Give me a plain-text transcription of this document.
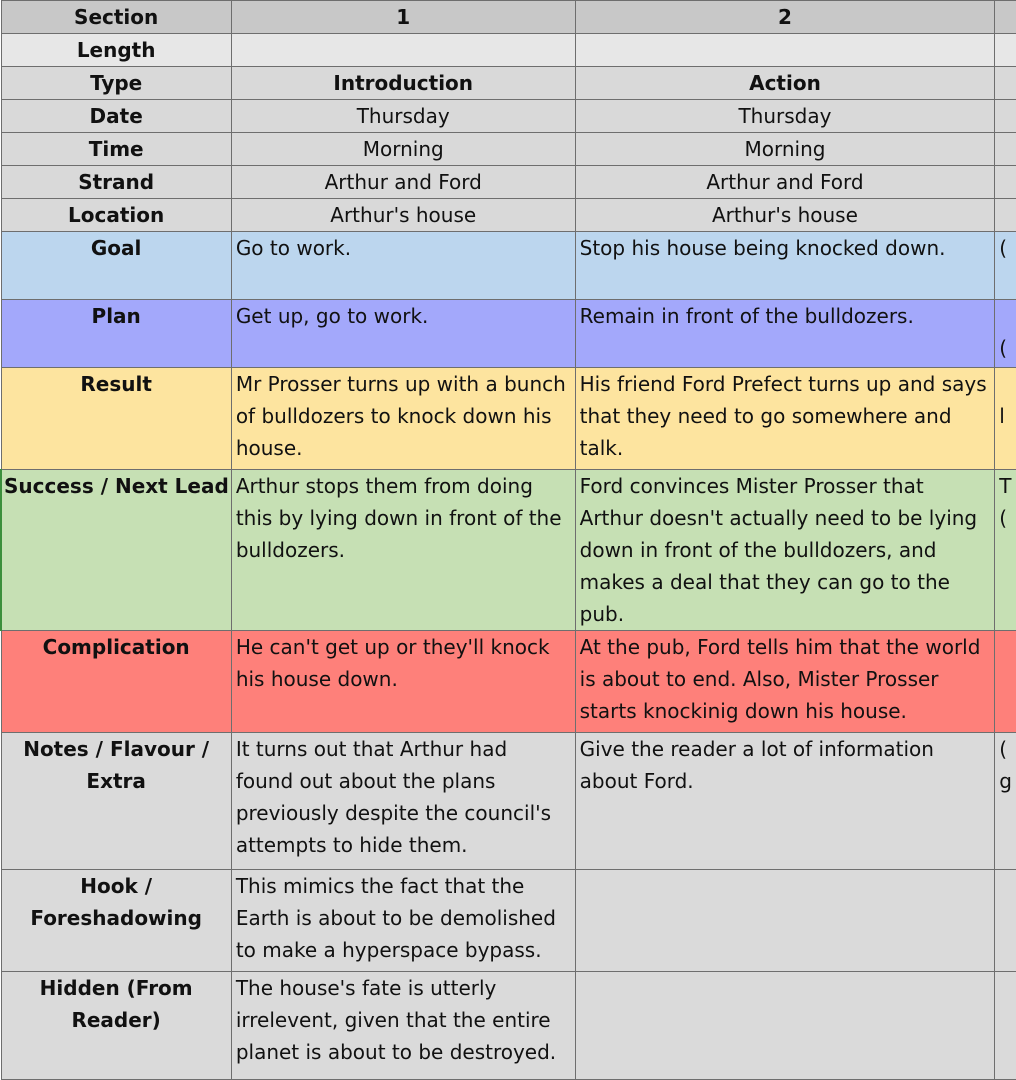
Section	1	2	
Length			
Type	Introduction	Action	
Date	Thursday	Thursday	
Time	Morning	Morning	
Strand	Arthur and Ford	Arthur and Ford	
Location	Arthur's house	Arthur's house	
Goal	Go to work.	Stop his house being knocked down.	(

Plan	Get up, go to work.	Remain in front of the bulldozers.	(
Result	Mr Prosser turns up with a bunch of bulldozers to knock down his house.	His friend Ford Prefect turns up and says that they need to go somewhere and talk.	l
Success / Next Lead	Arthur stops them from doing this by lying down in front of the bulldozers.	Ford convinces Mister Prosser that Arthur doesn't actually need to be lying down in front of the bulldozers, and makes a deal that they can go to the pub.	T
(
Complication	He can't get up or they'll knock his house down.	At the pub, Ford tells him that the world is about to end. Also, Mister Prosser starts knockinig down his house.	
Notes / Flavour / Extra	It turns out that Arthur had found out about the plans previously despite the council's attempts to hide them.	Give the reader a lot of information about Ford.	(
g
Hook / Foreshadowing	This mimics the fact that the Earth is about to be demolished to make a hyperspace bypass.		
Hidden (From Reader)	The house's fate is utterly irrelevent, given that the entire planet is about to be destroyed.		
